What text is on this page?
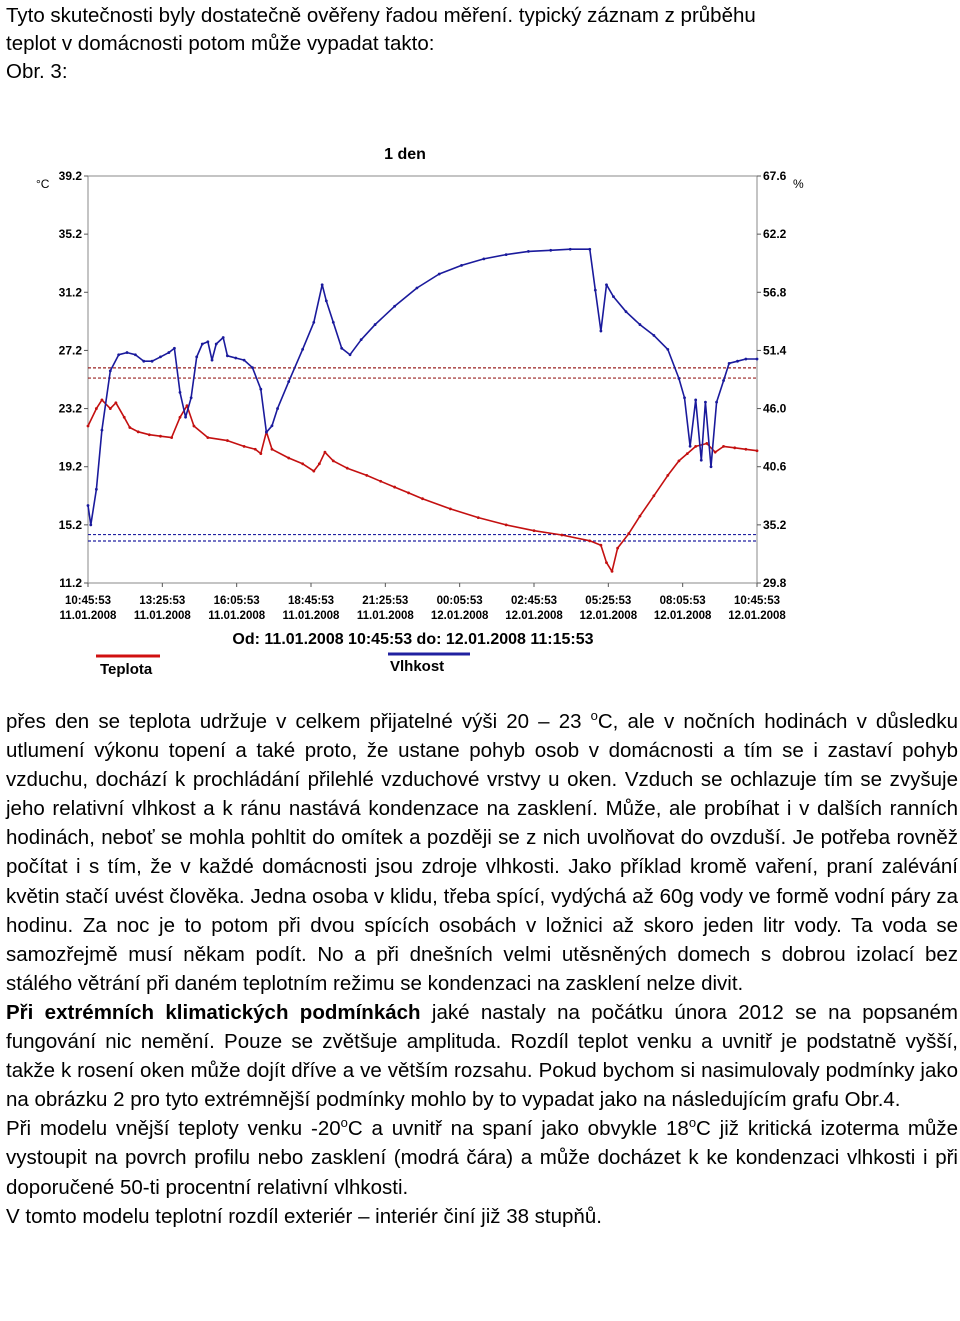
Tyto skutečnosti byly dostatečně ověřeny řadou měření. typický záznam z průběhu

teplot v domácnosti potom může vypadat takto:

Obr. 3:

1 den
°C	%
39.2
35.2
31.2
27.2
23.2
19.2
15.2
11.2
67.6
62.2
56.8
51.4
46.0
40.6
35.2
29.8
10:45:53
11.01.2008
13:25:53
11.01.2008
16:05:53
11.01.2008
18:45:53
11.01.2008
21:25:53
11.01.2008
00:05:53
12.01.2008
02:45:53
12.01.2008
05:25:53
12.01.2008
08:05:53
12.01.2008
10:45:53
12.01.2008
Od: 11.01.2008 10:45:53 do: 12.01.2008 11:15:53
Teplota	Vlhkost

přes den se teplota udržuje v celkem přijatelné výši 20 – 23 $^o$C, ale v nočních hodinách v důsledku utlumení výkonu topení a také proto, že ustane pohyb osob v domácnosti a tím se i zastaví pohyb vzduchu, dochází k prochládání přilehlé vzduchové vrstvy u oken. Vzduch se ochlazuje tím se zvyšuje jeho relativní vlhkost a k ránu nastává kondenzace na zasklení. Může, ale probíhat i v dalších ranních hodinách, neboť se mohla pohltit do omítek a později se z nich uvolňovat do ovzduší. Je potřeba rovněž počítat i s tím, že v každé domácnosti jsou zdroje vlhkosti. Jako příklad kromě vaření, praní zalévání květin stačí uvést člověka. Jedna osoba v klidu, třeba spící, vydýchá až 60g vody ve formě vodní páry za hodinu. Za noc je to potom při dvou spících osobách v ložnici až skoro jeden litr vody. Ta voda se samozřejmě musí někam podít. No a při dnešních velmi utěsněných domech s dobrou izolací bez stálého větrání při daném teplotním režimu se kondenzaci na zasklení nelze divit.

Při extrémních klimatických podmínkách jaké nastaly na počátku února 2012 se na popsaném fungování nic nemění. Pouze se zvětšuje amplituda. Rozdíl teplot venku a uvnitř je podstatně vyšší, takže k rosení oken může dojít dříve a ve větším rozsahu. Pokud bychom si nasimulovaly podmínky jako na obrázku 2 pro tyto extrémnější podmínky mohlo by to vypadat jako na následujícím grafu Obr.4.

Při modelu vnější teploty venku -20$^o$C a uvnitř na spaní jako obvykle 18$^o$C již kritická izoterma může vystoupit na povrch profilu nebo zasklení (modrá čára) a může docházet k ke kondenzaci vlhkosti i při doporučené 50-ti procentní relativní vlhkosti.

V tomto modelu teplotní rozdíl exteriér – interiér činí již 38 stupňů.
